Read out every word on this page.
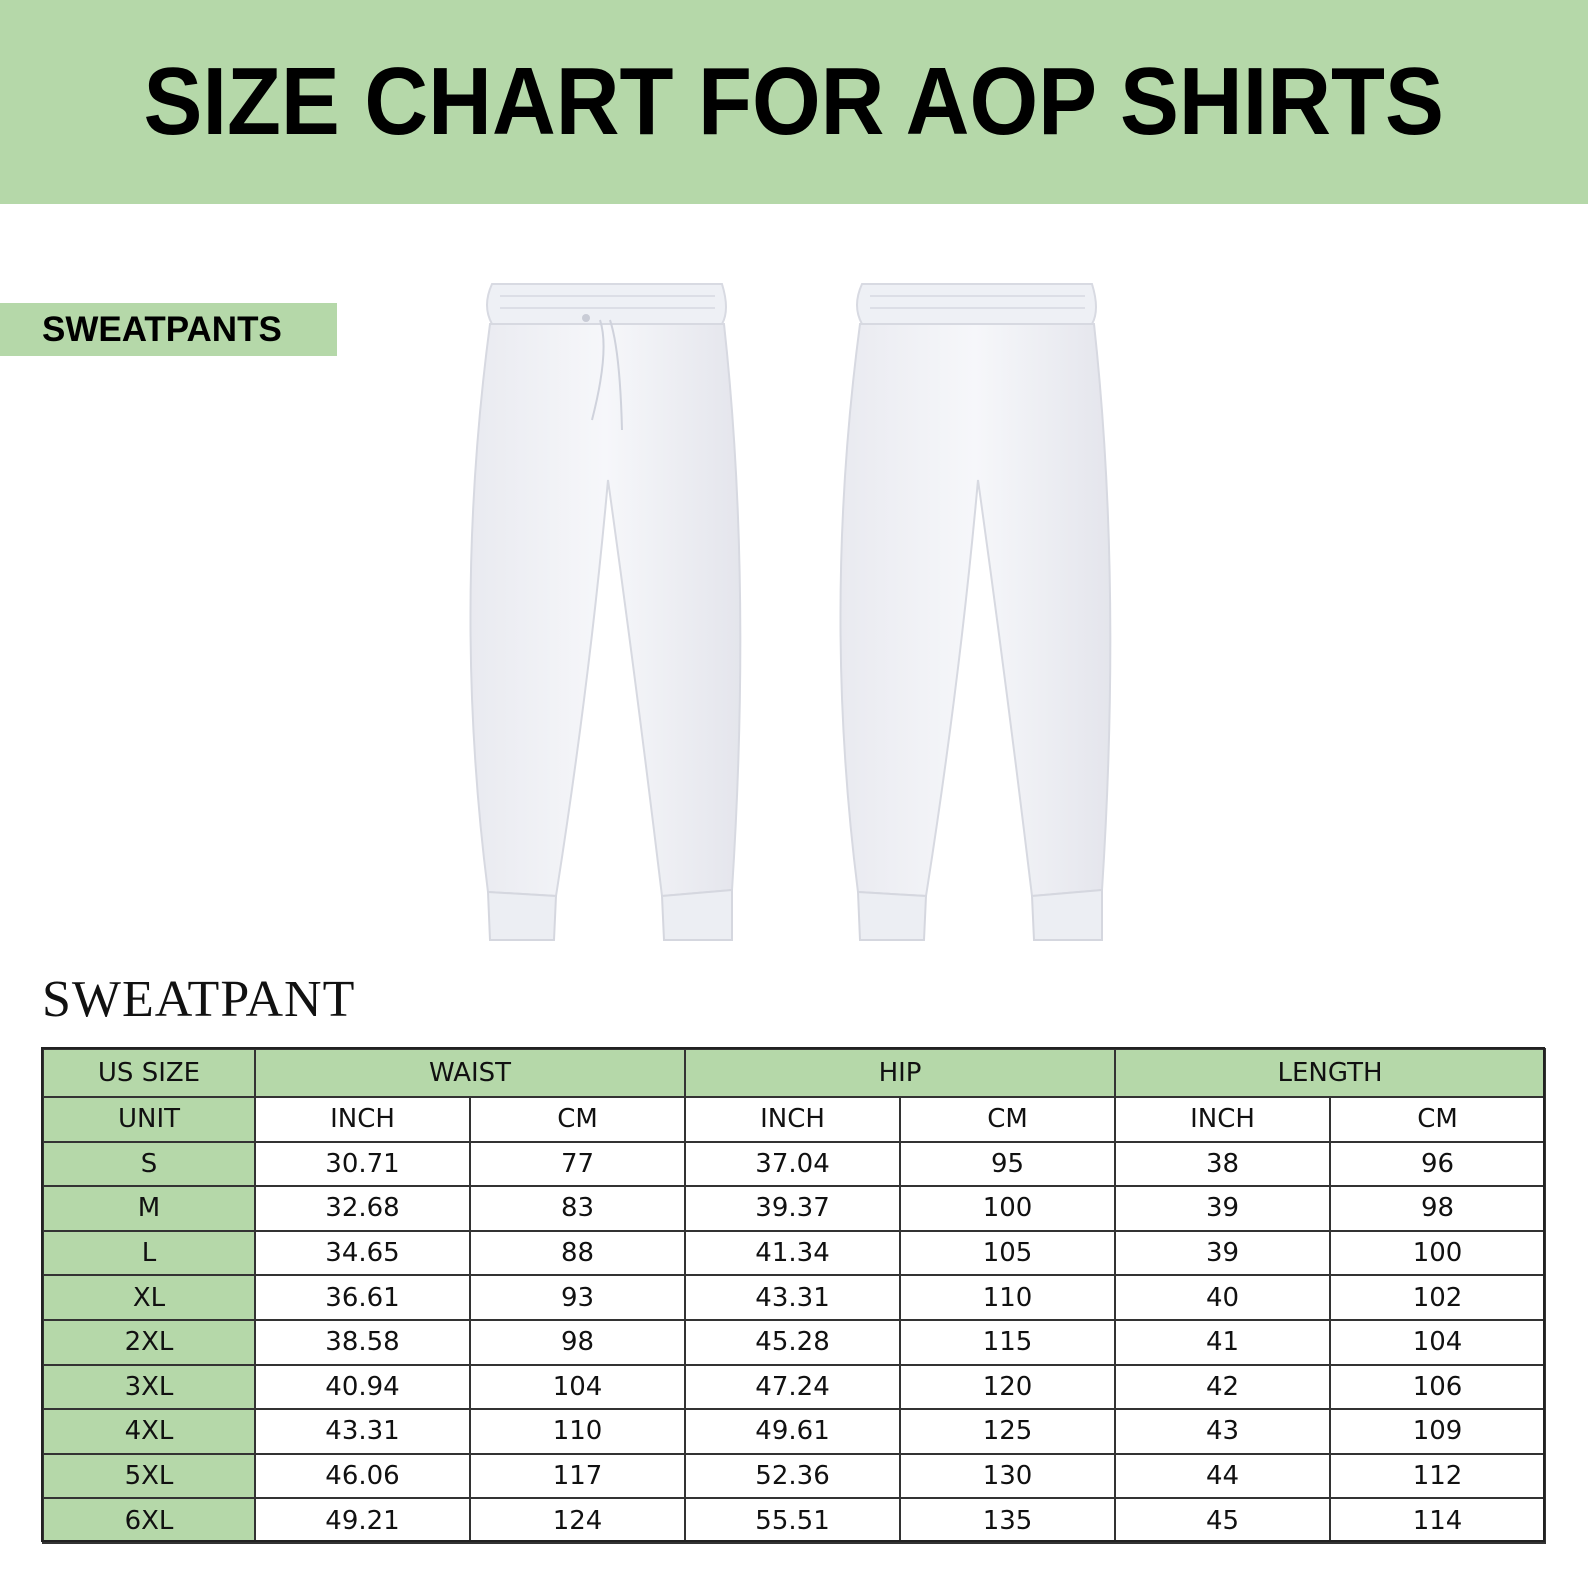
SIZE CHART FOR AOP SHIRTS
SWEATPANTS
SWEATPANT
US SIZE	WAIST		HIP		LENGTH	
UNIT	INCH	CM	INCH	CM	INCH	CM
S	30.71	77	37.04	95	38	96
M	32.68	83	39.37	100	39	98
L	34.65	88	41.34	105	39	100
XL	36.61	93	43.31	110	40	102
2XL	38.58	98	45.28	115	41	104
3XL	40.94	104	47.24	120	42	106
4XL	43.31	110	49.61	125	43	109
5XL	46.06	117	52.36	130	44	112
6XL	49.21	124	55.51	135	45	114
